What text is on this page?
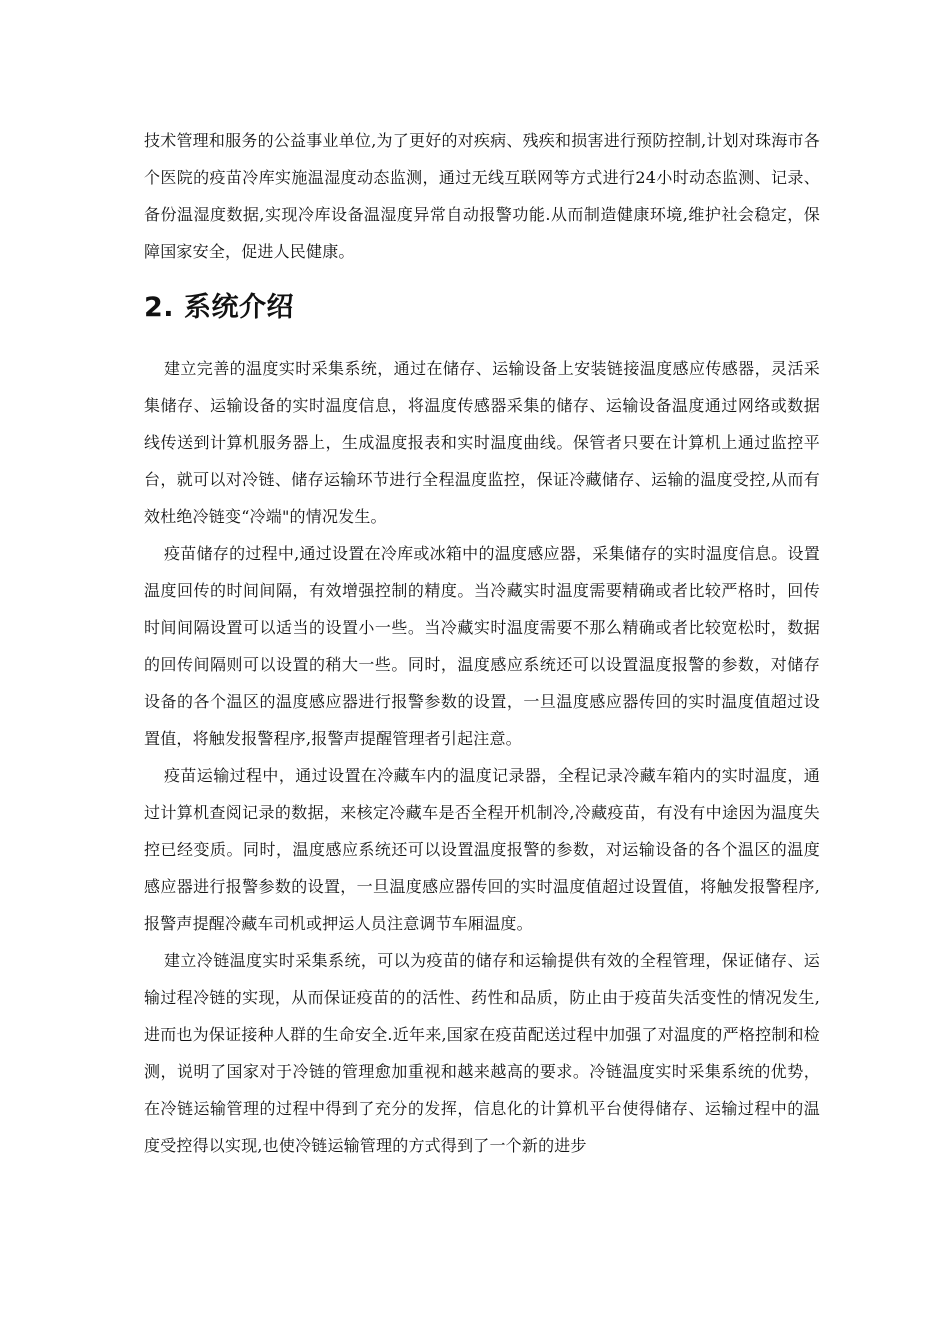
技术管理和服务的公益事业单位,为了更好的对疾病、残疾和损害进行预防控制,计划对珠海市各个医院的疫苗冷库实施温湿度动态监测，通过无线互联网等方式进行24小时动态监测、记录、备份温湿度数据,实现冷库设备温湿度异常自动报警功能.从而制造健康环境,维护社会稳定，保障国家安全，促进人民健康。

2. 系统介绍

建立完善的温度实时采集系统，通过在储存、运输设备上安装链接温度感应传感器，灵活采集储存、运输设备的实时温度信息，将温度传感器采集的储存、运输设备温度通过网络或数据线传送到计算机服务器上，生成温度报表和实时温度曲线。保管者只要在计算机上通过监控平台，就可以对冷链、储存运输环节进行全程温度监控，保证冷藏储存、运输的温度受控,从而有效杜绝冷链变“冷端"的情况发生。

疫苗储存的过程中,通过设置在冷库或冰箱中的温度感应器，采集储存的实时温度信息。设置温度回传的时间间隔，有效增强控制的精度。当冷藏实时温度需要精确或者比较严格时，回传时间间隔设置可以适当的设置小一些。当冷藏实时温度需要不那么精确或者比较宽松时，数据的回传间隔则可以设置的稍大一些。同时，温度感应系统还可以设置温度报警的参数，对储存设备的各个温区的温度感应器进行报警参数的设置，一旦温度感应器传回的实时温度值超过设置值，将触发报警程序,报警声提醒管理者引起注意。

疫苗运输过程中，通过设置在冷藏车内的温度记录器，全程记录冷藏车箱内的实时温度，通过计算机查阅记录的数据，来核定冷藏车是否全程开机制冷,冷藏疫苗，有没有中途因为温度失控已经变质。同时，温度感应系统还可以设置温度报警的参数，对运输设备的各个温区的温度感应器进行报警参数的设置，一旦温度感应器传回的实时温度值超过设置值，将触发报警程序,报警声提醒冷藏车司机或押运人员注意调节车厢温度。

建立冷链温度实时采集系统，可以为疫苗的储存和运输提供有效的全程管理，保证储存、运输过程冷链的实现，从而保证疫苗的的活性、药性和品质，防止由于疫苗失活变性的情况发生,进而也为保证接种人群的生命安全.近年来,国家在疫苗配送过程中加强了对温度的严格控制和检测，说明了国家对于冷链的管理愈加重视和越来越高的要求。冷链温度实时采集系统的优势，在冷链运输管理的过程中得到了充分的发挥，信息化的计算机平台使得储存、运输过程中的温度受控得以实现,也使冷链运输管理的方式得到了一个新的进步
